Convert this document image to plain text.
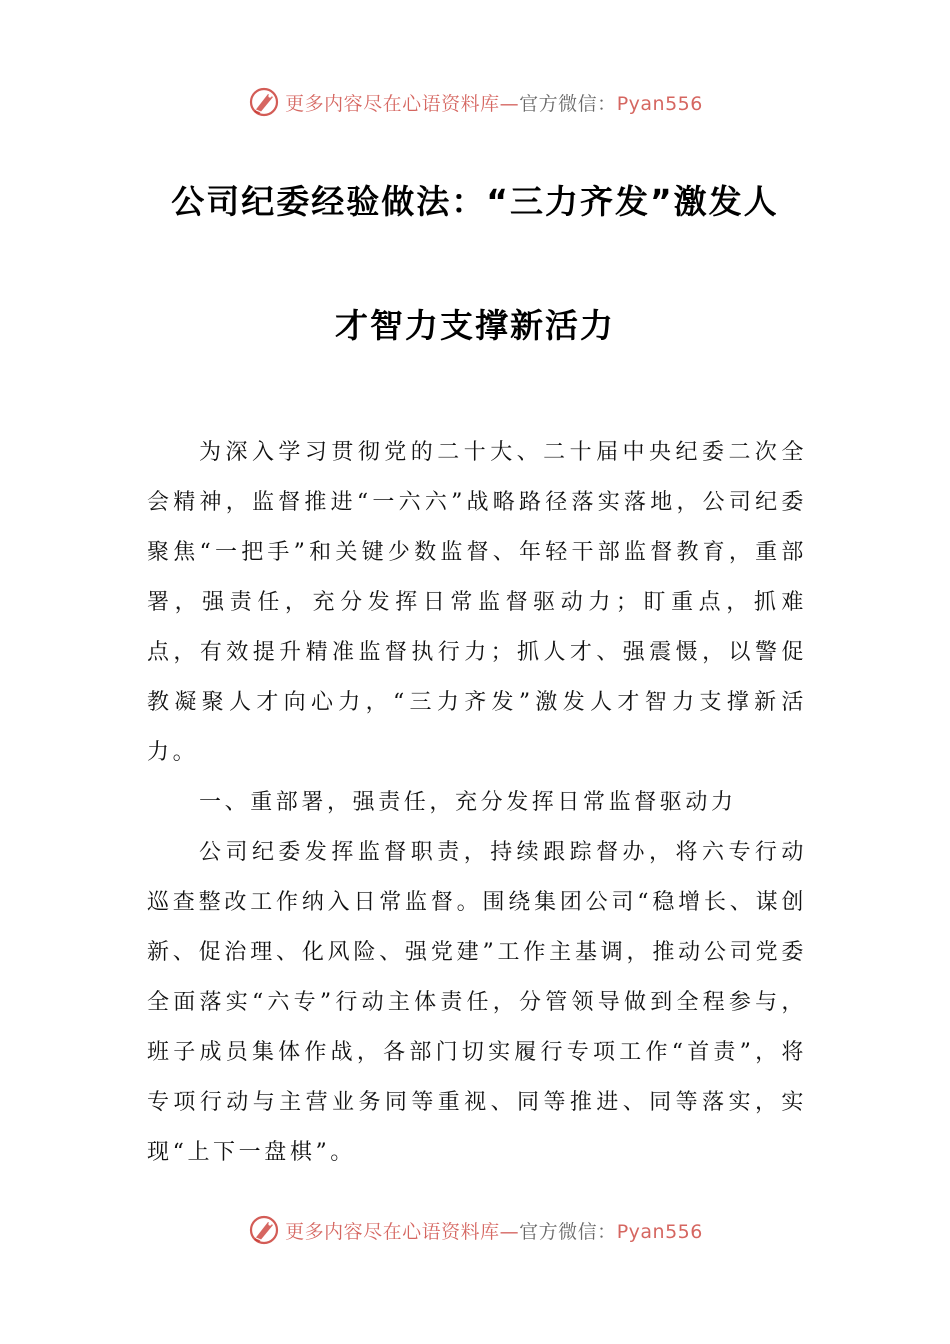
更多内容尽在心语资料库—官方微信：Pyan556
公司纪委经验做法：“三力齐发”激发人
才智力支撑新活力

为深入学习贯彻党的二十大、二十届中央纪委二次全会精神，监督推进“一六六”战略路径落实落地，公司纪委聚焦“一把手”和关键少数监督、年轻干部监督教育，重部署，强责任，充分发挥日常监督驱动力；盯重点，抓难点，有效提升精准监督执行力；抓人才、强震慑，以警促教凝聚人才向心力，“三力齐发”激发人才智力支撑新活力。

一、重部署，强责任，充分发挥日常监督驱动力

公司纪委发挥监督职责，持续跟踪督办，将六专行动巡查整改工作纳入日常监督。围绕集团公司“稳增长、谋创新、促治理、化风险、强党建”工作主基调，推动公司党委全面落实“六专”行动主体责任，分管领导做到全程参与，班子成员集体作战，各部门切实履行专项工作“首责”，将专项行动与主营业务同等重视、同等推进、同等落实，实现“上下一盘棋”。

更多内容尽在心语资料库—官方微信：Pyan556
